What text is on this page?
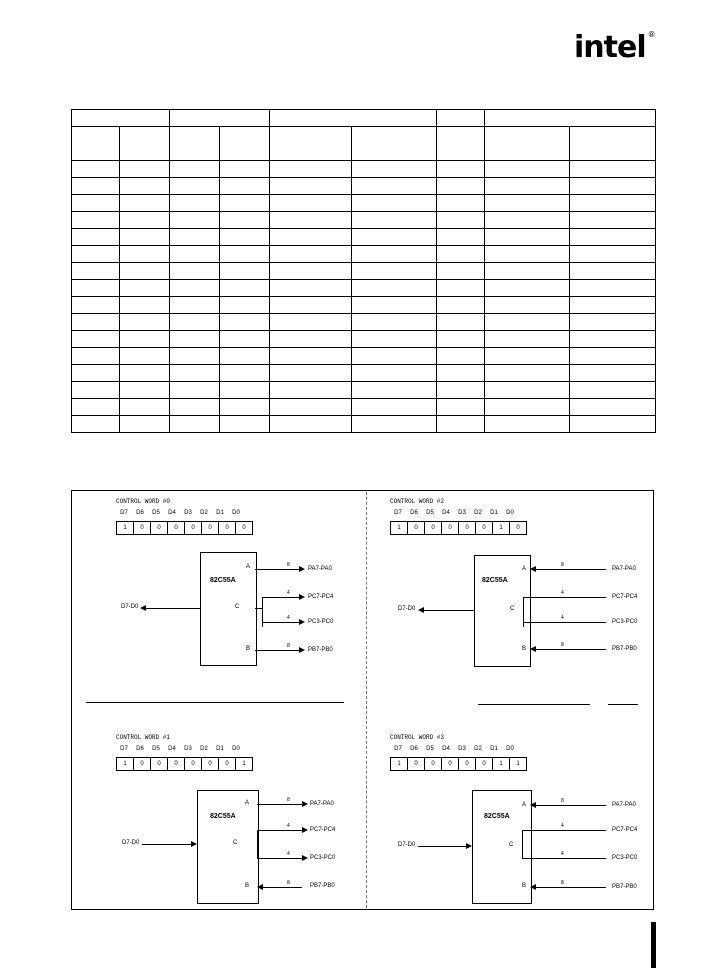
intel ®

CONTROL WORD #0
D7	D6	D5	D4	D3	D2	D1	D0
1	0	0	0	0	0	0	0
82C55A
D7-D0
A	8
PA7-PA0
4
PC7-PC4
C
4
PC3-PC0
B	8
PB7-PB0
CONTROL WORD #2
D7	D6	D5	D4	D3	D2	D1	D0
1	0	0	0	0	0	1	0
82C55A
D7-D0
A
8
PA7-PA0
4
PC7-PC4
C
4
PC3-PC0
B
8
PB7-PB0
CONTROL WORD #1
D7	D6	D5	D4	D3	D2	D1	D0
1	0	0	0	0	0	0	1
82C55A
D7-D0
A	8
PA7-PA0
4
PC7-PC4
C
4
PC3-PC0
B	8	PB7-PB0
CONTROL WORD #3
D7	D6	D5	D4	D3	D2	D1	D0
1	0	0	0	0	0	1	1
82C55A
D7-D0
A
8
PA7-PA0
4
PC7-PC4
C
4
PC3-PC0
B	8
PB7-PB0
